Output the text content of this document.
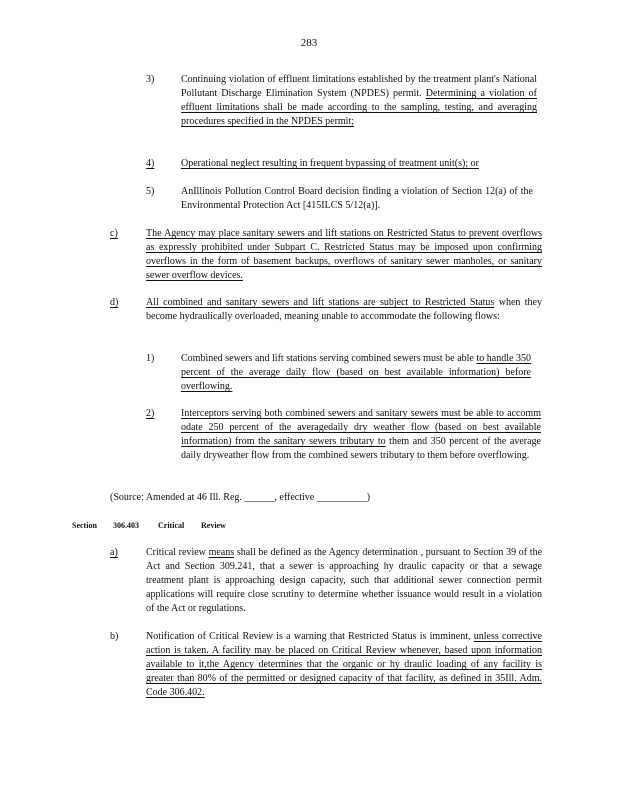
283
3)	Continuing violation of effluent limitations established by the treatment plant's National Pollutant Discharge Elimination System (NPDES) permit. Determining a violation of effluent limitations shall be made according to the sampling, testing, and averaging procedures specified in the NPDES permit;
4)	Operational neglect resulting in frequent bypassing of treatment unit(s); or
5)	AnIllinois Pollution Control Board decision finding a violation of Section 12(a) of the Environmental Protection Act [415ILCS 5/12(a)].
c)	The Agency may place sanitary sewers and lift stations on Restricted Status to prevent overflows as expressly prohibited under Subpart C. Restricted Status may be imposed upon confirming overflows in the form of basement backups, overflows of sanitary sewer manholes, or sanitary sewer overflow devices.
d)	All combined and sanitary sewers and lift stations are subject to Restricted Status when they become hydraulically overloaded, meaning unable to accommodate the following flows:
1)	Combined sewers and lift stations serving combined sewers must be able to handle 350 percent of the average daily flow (based on best available information) before overflowing.
2)	Interceptors serving both combined sewers and sanitary sewers must be able to accomm odate 250 percent of the averagedaily dry weather flow (based on best available information) from the sanitary sewers tributary to them and 350 percent of the average daily dryweather flow from the combined sewers tributary to them before overflowing.
(Source: Amended at 46 Ill. Reg. ______, effective __________)
Section 306.403 Critical Review
a)	Critical review means shall be defined as the Agency determination , pursuant to Section 39 of the Act and Section 309.241, that a sewer is approaching hy draulic capacity or that a sewage treatment plant is approaching design capacity, such that additional sewer connection permit applications will require close scrutiny to determine whether issuance would result in a violation of the Act or regulations.
b)	Notification of Critical Review is a warning that Restricted Status is imminent, unless corrective action is taken. A facility may be placed on Critical Review whenever, based upon information available to it,the Agency determines that the organic or hy draulic loading of any facility is greater than 80% of the permitted or designed capacity of that facility, as defined in 35Ill. Adm. Code 306.402.
